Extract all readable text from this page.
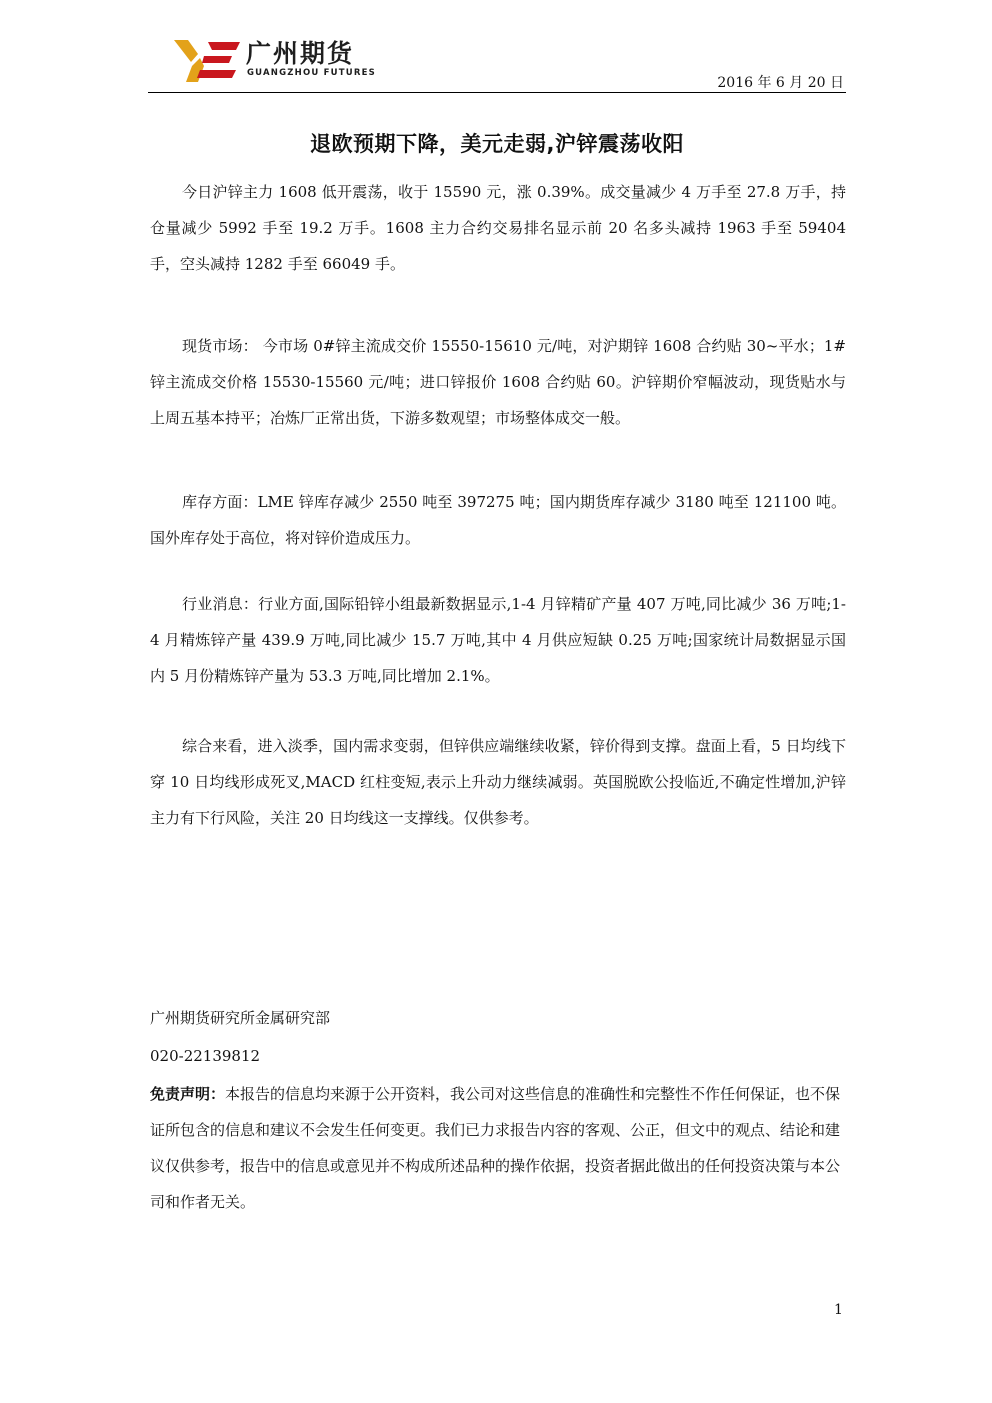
广州期货
GUANGZHOU FUTURES
2016 年 6 月 20 日
退欧预期下降，美元走弱,沪锌震荡收阳

今日沪锌主力 1608 低开震荡，收于 15590 元，涨 0.39%。成交量减少 4 万手至 27.8 万手，持仓量减少 5992 手至 19.2 万手。1608 主力合约交易排名显示前 20 名多头减持 1963 手至 59404 手，空头减持 1282 手至 66049 手。

现货市场： 今市场 0#锌主流成交价 15550-15610 元/吨，对沪期锌 1608 合约贴 30~平水；1#锌主流成交价格 15530-15560 元/吨；进口锌报价 1608 合约贴 60。沪锌期价窄幅波动，现货贴水与上周五基本持平；冶炼厂正常出货，下游多数观望；市场整体成交一般。

库存方面：LME 锌库存减少 2550 吨至 397275 吨；国内期货库存减少 3180 吨至 121100 吨。国外库存处于高位，将对锌价造成压力。

行业消息：行业方面,国际铅锌小组最新数据显示,1-4 月锌精矿产量 407 万吨,同比减少 36 万吨;1-4 月精炼锌产量 439.9 万吨,同比减少 15.7 万吨,其中 4 月供应短缺 0.25 万吨;国家统计局数据显示国内 5 月份精炼锌产量为 53.3 万吨,同比增加 2.1%。

综合来看，进入淡季，国内需求变弱，但锌供应端继续收紧，锌价得到支撑。盘面上看，5 日均线下穿 10 日均线形成死叉,MACD 红柱变短,表示上升动力继续减弱。英国脱欧公投临近,不确定性增加,沪锌主力有下行风险，关注 20 日均线这一支撑线。仅供参考。

广州期货研究所金属研究部

020-22139812

免责声明：本报告的信息均来源于公开资料，我公司对这些信息的准确性和完整性不作任何保证，也不保证所包含的信息和建议不会发生任何变更。我们已力求报告内容的客观、公正，但文中的观点、结论和建议仅供参考，报告中的信息或意见并不构成所述品种的操作依据，投资者据此做出的任何投资决策与本公司和作者无关。

1
